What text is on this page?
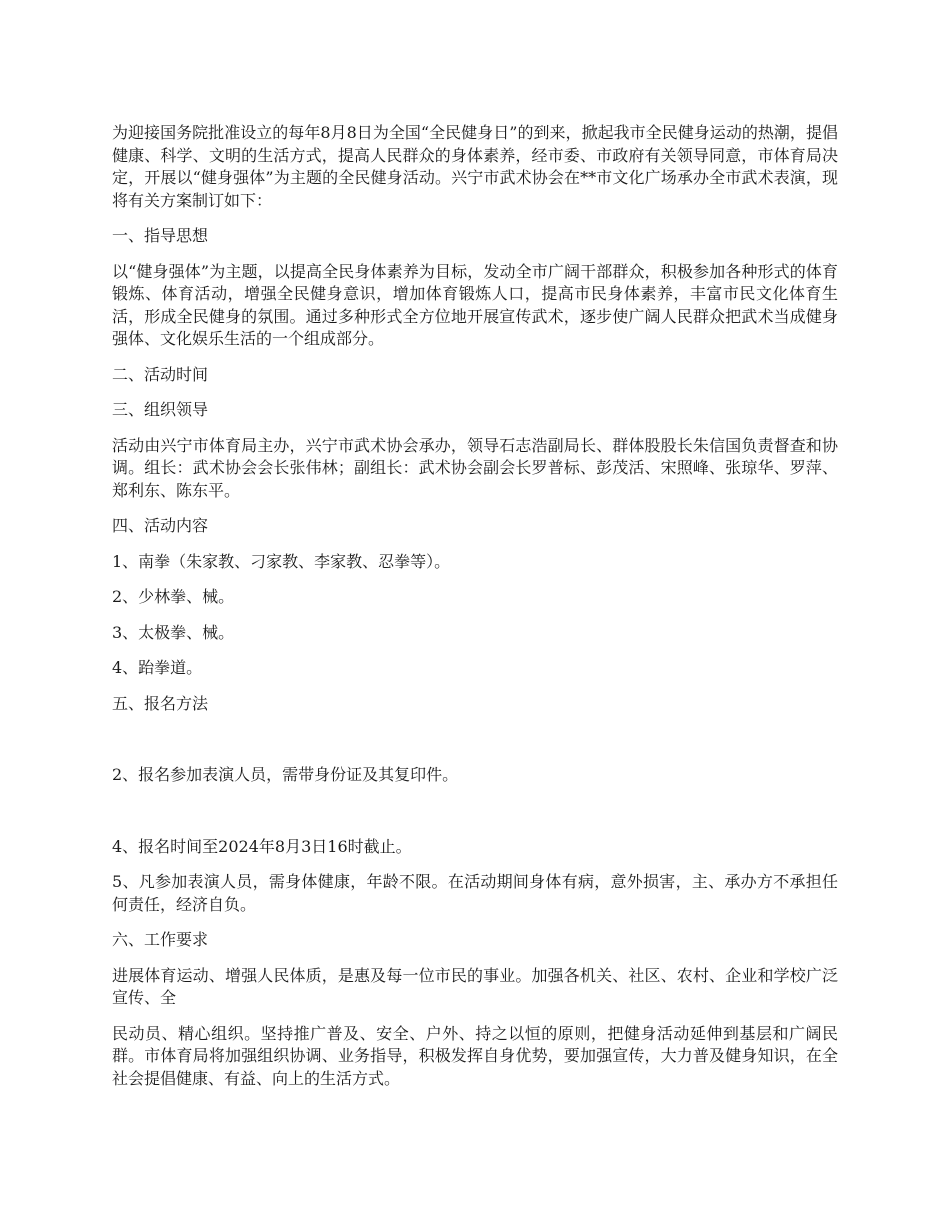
为迎接国务院批准设立的每年8月8日为全国“全民健身日”的到来，掀起我市全民健身运动的热潮，提倡健康、科学、文明的生活方式，提高人民群众的身体素养，经市委、市政府有关领导同意，市体育局决定，开展以“健身强体”为主题的全民健身活动。兴宁市武术协会在**市文化广场承办全市武术表演，现将有关方案制订如下：

一、指导思想

以“健身强体”为主题，以提高全民身体素养为目标，发动全市广阔干部群众，积极参加各种形式的体育锻炼、体育活动，增强全民健身意识，增加体育锻炼人口，提高市民身体素养，丰富市民文化体育生活，形成全民健身的氛围。通过多种形式全方位地开展宣传武术，逐步使广阔人民群众把武术当成健身强体、文化娱乐生活的一个组成部分。

二、活动时间

三、组织领导

活动由兴宁市体育局主办，兴宁市武术协会承办，领导石志浩副局长、群体股股长朱信国负责督查和协调。组长：武术协会会长张伟林；副组长：武术协会副会长罗普标、彭茂活、宋照峰、张琼华、罗萍、郑利东、陈东平。

四、活动内容

1、南拳（朱家教、刁家教、李家教、忍拳等）。

2、少林拳、械。

3、太极拳、械。

4、跆拳道。

五、报名方法

2、报名参加表演人员，需带身份证及其复印件。

4、报名时间至2024年8月3日16时截止。

5、凡参加表演人员，需身体健康，年龄不限。在活动期间身体有病，意外损害，主、承办方不承担任何责任，经济自负。

六、工作要求

进展体育运动、增强人民体质，是惠及每一位市民的事业。加强各机关、社区、农村、企业和学校广泛宣传、全

民动员、精心组织。坚持推广普及、安全、户外、持之以恒的原则，把健身活动延伸到基层和广阔民群。市体育局将加强组织协调、业务指导，积极发挥自身优势，要加强宣传，大力普及健身知识，在全社会提倡健康、有益、向上的生活方式。
